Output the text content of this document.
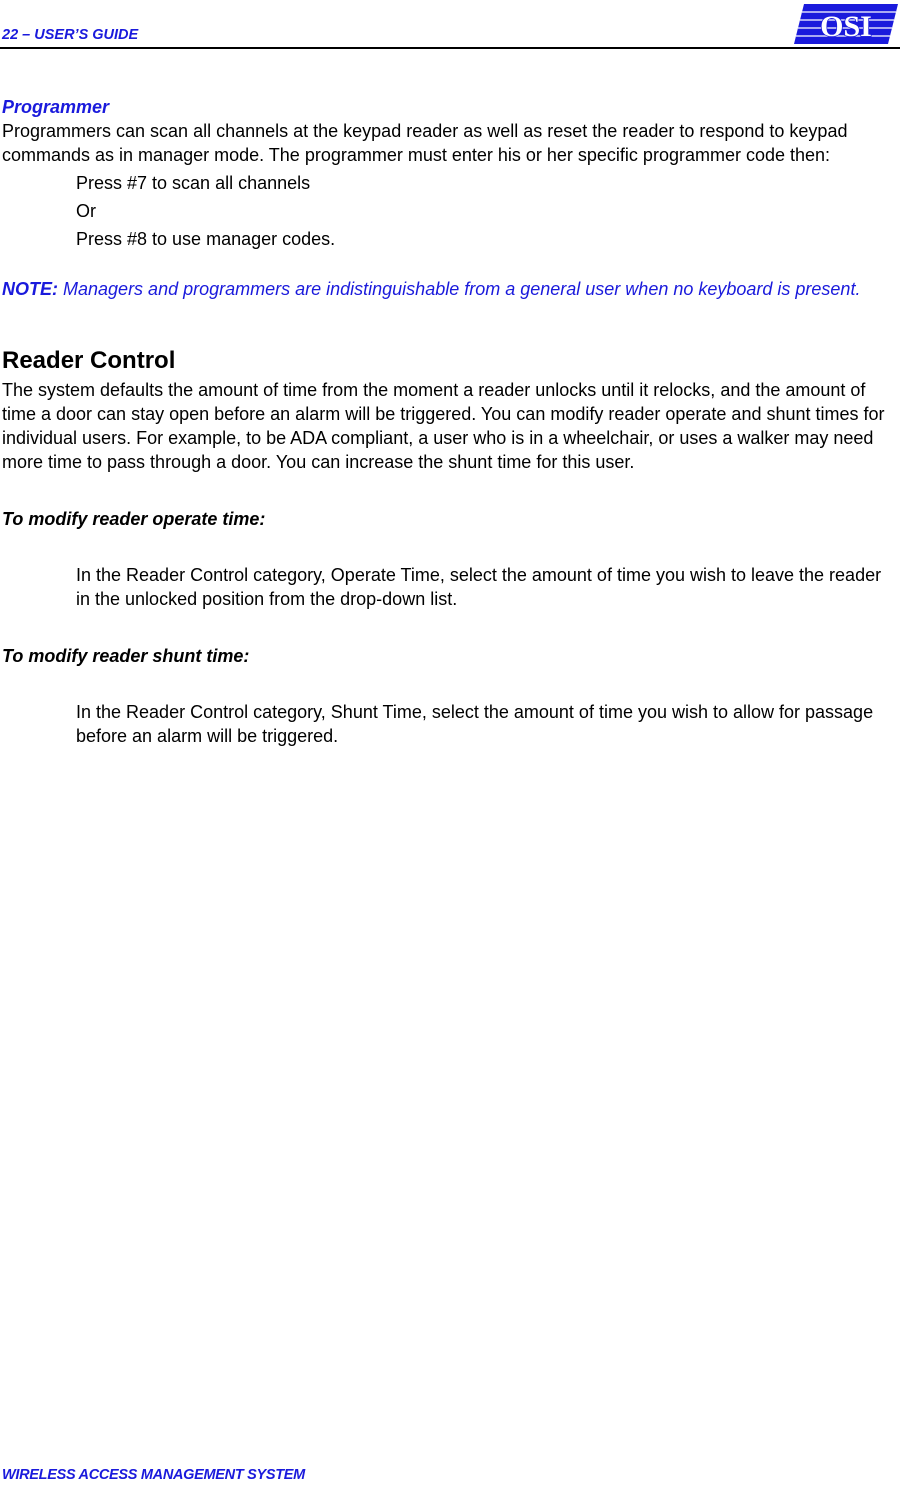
22 – USER’S GUIDE	OSI
Programmer

Programmers can scan all channels at the keypad reader as well as reset the reader to respond to keypad commands as in manager mode. The programmer must enter his or her specific programmer code then:

Press #7 to scan all channels

Or

Press #8 to use manager codes.

NOTE: Managers and programmers are indistinguishable from a general user when no keyboard is present.

Reader Control

The system defaults the amount of time from the moment a reader unlocks until it relocks, and the amount of time a door can stay open before an alarm will be triggered. You can modify reader operate and shunt times for individual users. For example, to be ADA compliant, a user who is in a wheelchair, or uses a walker may need more time to pass through a door. You can increase the shunt time for this user.

To modify reader operate time:

In the Reader Control category, Operate Time, select the amount of time you wish to leave the reader in the unlocked position from the drop-down list.

To modify reader shunt time:

In the Reader Control category, Shunt Time, select the amount of time you wish to allow for passage before an alarm will be triggered.

WIRELESS ACCESS MANAGEMENT SYSTEM
